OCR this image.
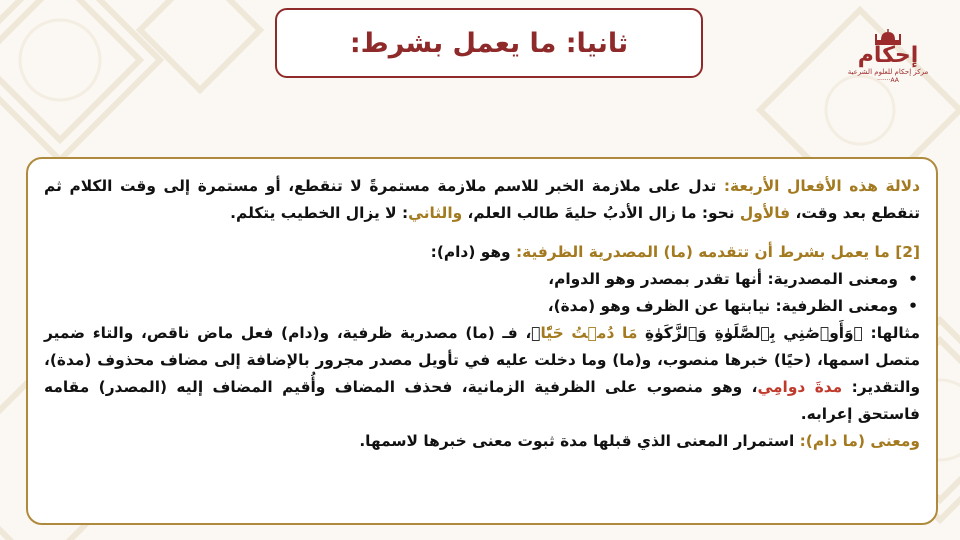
ثانيا: ما يعمل بشرط:	إحكام
مركز إحكام للعلوم الشرعية
AA·······

دلالة هذه الأفعال الأربعة: تدل على ملازمة الخبر للاسم ملازمة مستمرةً لا تنقطع، أو مستمرة إلى وقت الكلام ثم تنقطع بعد وقت، فالأول نحو: ما زال الأدبُ حليةَ طالب العلم، والثاني: لا يزال الخطيب يتكلم.

[2] ما يعمل بشرط أن تتقدمه (ما) المصدرية الظرفية: وهو (دام):

• ومعنى المصدرية: أنها تقدر بمصدر وهو الدوام،

• ومعنى الظرفية: نيابتها عن الظرف وهو (مدة)،

مثالها: ﴿وَأَوۡصَٰنِي بِٱلصَّلَوٰةِ وَٱلزَّكَوٰةِ مَا دُمۡتُ حَيّٗا﴾، فـ (ما) مصدرية ظرفية، و(دام) فعل ماض ناقص، والتاء ضمير متصل اسمها، (حيًا) خبرها منصوب، و(ما) وما دخلت عليه في تأويل مصدر مجرور بالإضافة إلى مضاف محذوف (مدة)، والتقدير: مدةَ دوامِي، وهو منصوب على الظرفية الزمانية، فحذف المضاف وأُقيم المضاف إليه (المصدر) مقامه فاستحق إعرابه.

ومعنى (ما دام): استمرار المعنى الذي قبلها مدة ثبوت معنى خبرها لاسمها.
